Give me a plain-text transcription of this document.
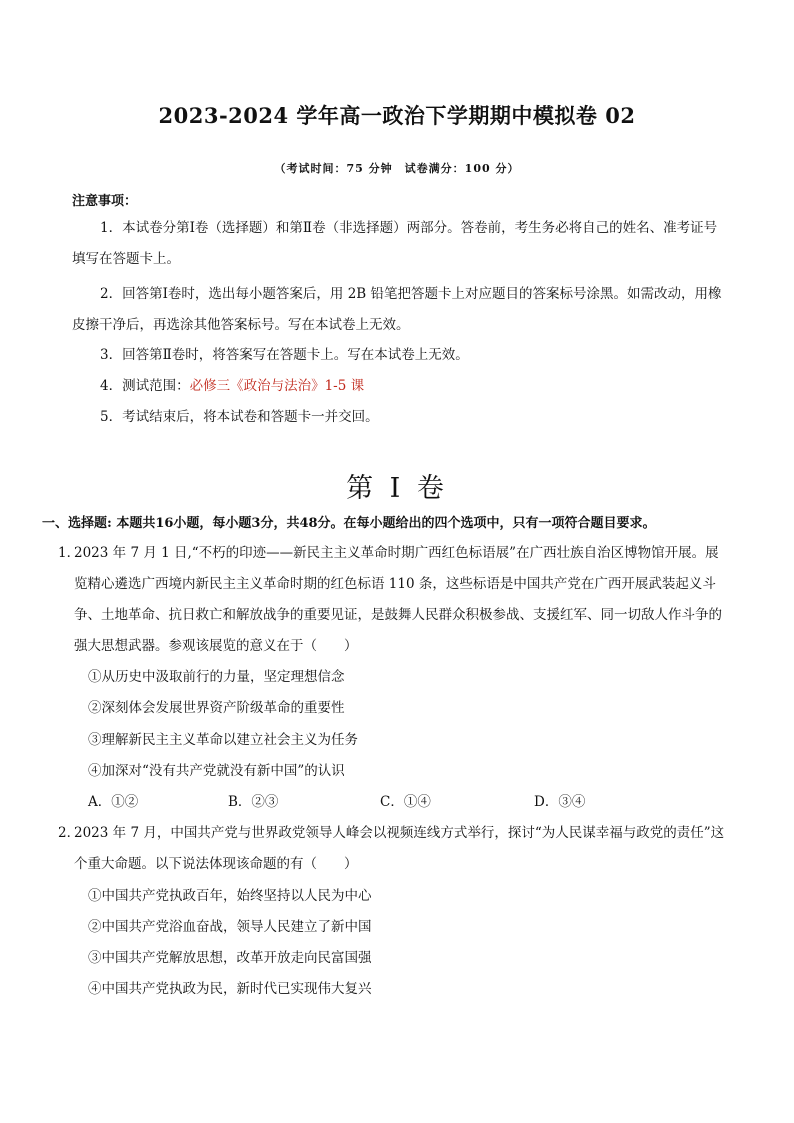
2023-2024 学年高一政治下学期期中模拟卷 02
（考试时间：75 分钟　试卷满分：100 分）
注意事项：
1．本试卷分第Ⅰ卷（选择题）和第Ⅱ卷（非选择题）两部分。答卷前，考生务必将自己的姓名、准考证号填写在答题卡上。
2．回答第Ⅰ卷时，选出每小题答案后，用 2B 铅笔把答题卡上对应题目的答案标号涂黑。如需改动，用橡皮擦干净后，再选涂其他答案标号。写在本试卷上无效。
3．回答第Ⅱ卷时，将答案写在答题卡上。写在本试卷上无效。
4．测试范围：必修三《政治与法治》1-5 课
5．考试结束后，将本试卷和答题卡一并交回。
第 I 卷
一、选择题: 本题共16小题，每小题3分，共48分。在每小题给出的四个选项中，只有一项符合题目要求。
1．
2023 年 7 月 1 日,“不朽的印迹——新民主主义革命时期广西红色标语展”在广西壮族自治区博物馆开展。展览精心遴选广西境内新民主主义革命时期的红色标语 110 条，这些标语是中国共产党在广西开展武装起义斗争、土地革命、抗日救亡和解放战争的重要见证，是鼓舞人民群众积极参战、支援红军、同一切敌人作斗争的强大思想武器。参观该展览的意义在于（　　）
①从历史中汲取前行的力量，坚定理想信念
②深刻体会发展世界资产阶级革命的重要性
③理解新民主主义革命以建立社会主义为任务
④加深对“没有共产党就没有新中国”的认识
A．①②	B．②③	C．①④	D．③④
2．
2023 年 7 月，中国共产党与世界政党领导人峰会以视频连线方式举行，探讨“为人民谋幸福与政党的责任”这个重大命题。以下说法体现该命题的有（　　）
①中国共产党执政百年，始终坚持以人民为中心
②中国共产党浴血奋战，领导人民建立了新中国
③中国共产党解放思想，改革开放走向民富国强
④中国共产党执政为民，新时代已实现伟大复兴
